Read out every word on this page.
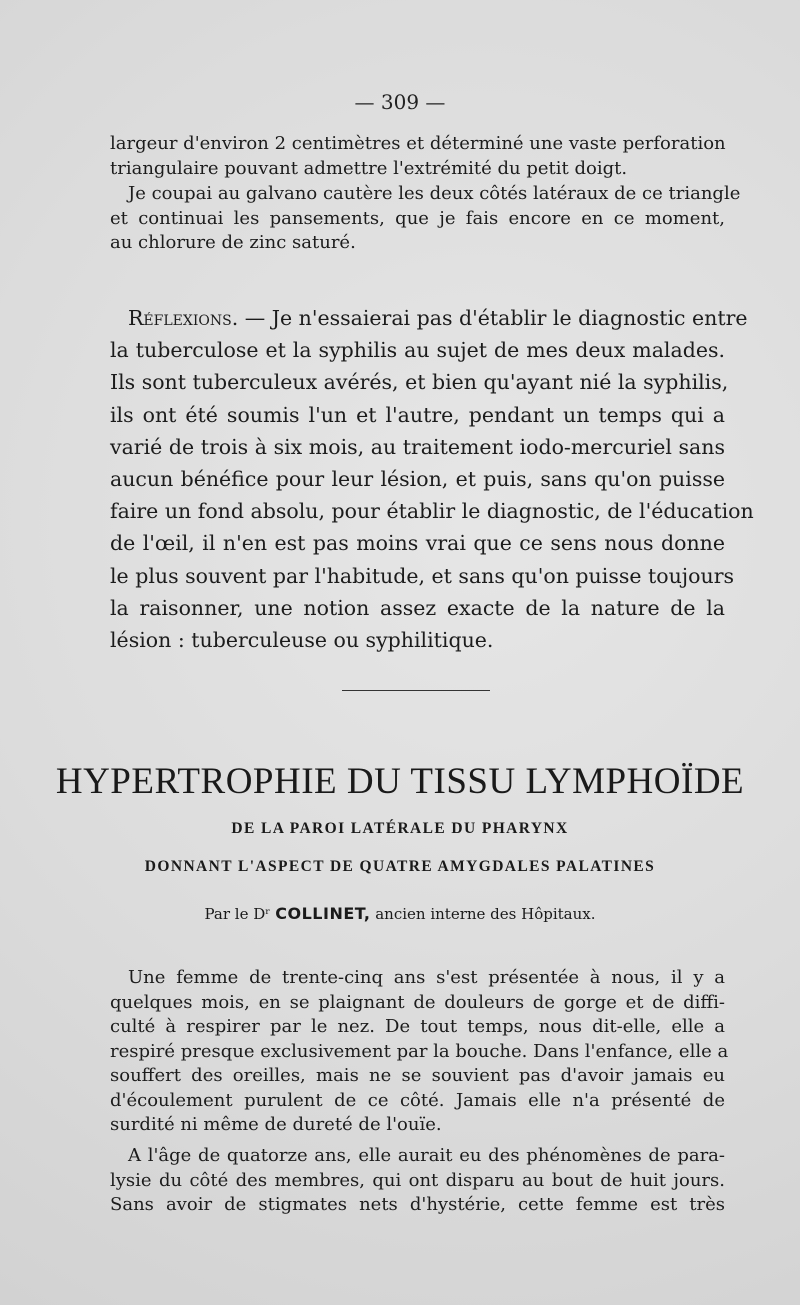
— 309 —
largeur d'environ 2 centimètres et déterminé une vaste perforation
triangulaire pouvant admettre l'extrémité du petit doigt.
Je coupai au galvano cautère les deux côtés latéraux de ce triangle
et continuai les pansements, que je fais encore en ce moment,
au chlorure de zinc saturé.
Réflexions. — Je n'essaierai pas d'établir le diagnostic entre
la tuberculose et la syphilis au sujet de mes deux malades.
Ils sont tuberculeux avérés, et bien qu'ayant nié la syphilis,
ils ont été soumis l'un et l'autre, pendant un temps qui a
varié de trois à six mois, au traitement iodo-mercuriel sans
aucun bénéfice pour leur lésion, et puis, sans qu'on puisse
faire un fond absolu, pour établir le diagnostic, de l'éducation
de l'œil, il n'en est pas moins vrai que ce sens nous donne
le plus souvent par l'habitude, et sans qu'on puisse toujours
la raisonner, une notion assez exacte de la nature de la
lésion : tuberculeuse ou syphilitique.
HYPERTROPHIE DU TISSU LYMPHOÏDE
DE LA PAROI LATÉRALE DU PHARYNX
DONNANT L'ASPECT DE QUATRE AMYGDALES PALATINES
Par le Dʳ COLLINET, ancien interne des Hôpitaux.
Une femme de trente-cinq ans s'est présentée à nous, il y a
quelques mois, en se plaignant de douleurs de gorge et de diffi-
culté à respirer par le nez. De tout temps, nous dit-elle, elle a
respiré presque exclusivement par la bouche. Dans l'enfance, elle a
souffert des oreilles, mais ne se souvient pas d'avoir jamais eu
d'écoulement purulent de ce côté. Jamais elle n'a présenté de
surdité ni même de dureté de l'ouïe.
A l'âge de quatorze ans, elle aurait eu des phénomènes de para-
lysie du côté des membres, qui ont disparu au bout de huit jours.
Sans avoir de stigmates nets d'hystérie, cette femme est très
